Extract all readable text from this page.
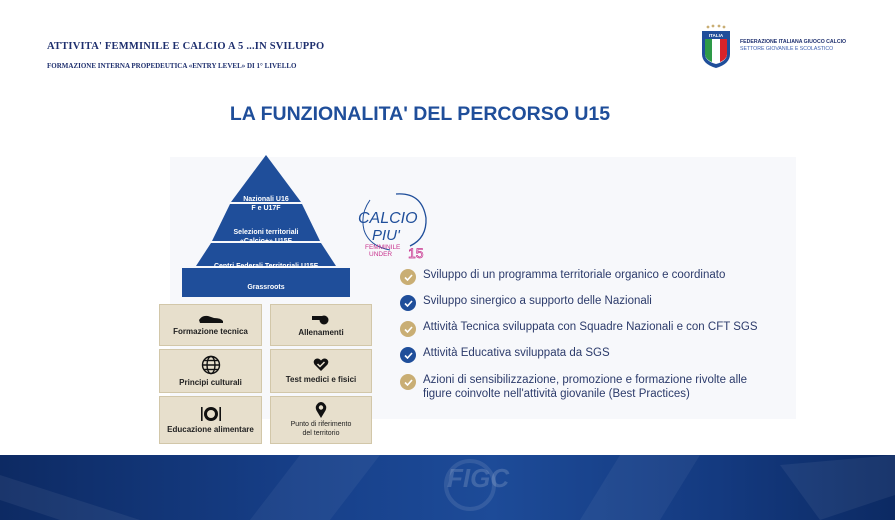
ATTIVITA' FEMMINILE E CALCIO A 5 ...IN SVILUPPO
FORMAZIONE INTERNA PROPEDEUTICA «ENTRY LEVEL» DI 1° LIVELLO
ITALIA
FEDERAZIONE ITALIANA GIUOCO CALCIO
SETTORE GIOVANILE E SCOLASTICO
LA FUNZIONALITA' DEL PERCORSO U15
Nazionali U16
F e U17F
Selezioni territoriali
«Calcio+» U15F
Centri Federali Territoriali U15F
Grassroots
Formazione tecnica	Allenamenti
Principi culturali	Test medici e fisici
Educazione alimentare
Punto di riferimento
del territorio
CALCIO
PIU'
FEMMINILE
UNDER 15
Sviluppo di un programma territoriale organico e coordinato
Sviluppo sinergico a supporto delle Nazionali
Attività Tecnica sviluppata con Squadre Nazionali e con CFT SGS
Attività Educativa sviluppata da SGS
Azioni di sensibilizzazione, promozione e formazione rivolte alle
figure coinvolte nell'attività giovanile (Best Practices)
FIGC
